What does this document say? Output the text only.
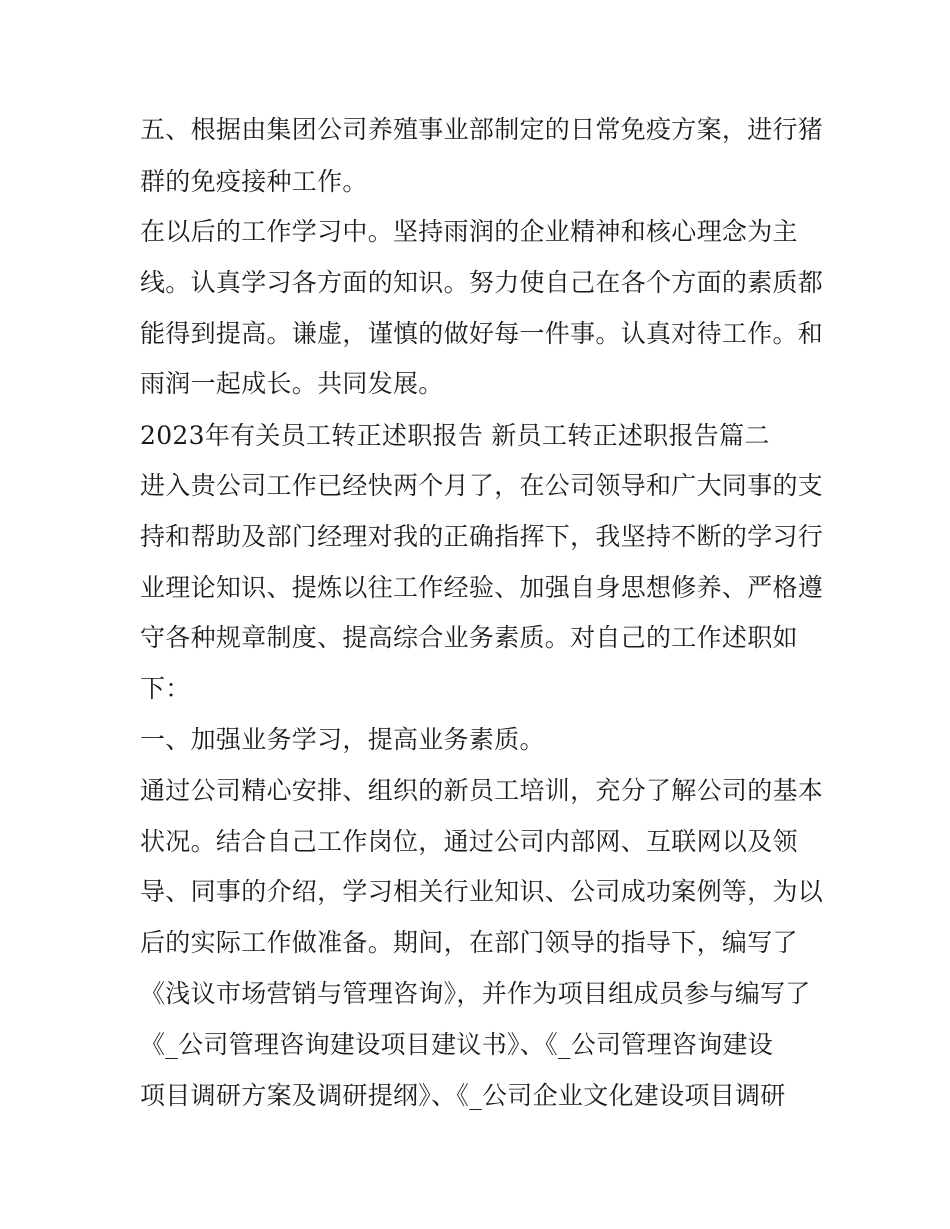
五、根据由集团公司养殖事业部制定的日常免疫方案，进行猪

群的免疫接种工作。

在以后的工作学习中。坚持雨润的企业精神和核心理念为主

线。认真学习各方面的知识。努力使自己在各个方面的素质都

能得到提高。谦虚，谨慎的做好每一件事。认真对待工作。和

雨润一起成长。共同发展。

2023年有关员工转正述职报告 新员工转正述职报告篇二

进入贵公司工作已经快两个月了，在公司领导和广大同事的支

持和帮助及部门经理对我的正确指挥下，我坚持不断的学习行

业理论知识、提炼以往工作经验、加强自身思想修养、严格遵

守各种规章制度、提高综合业务素质。对自己的工作述职如

下：

一、加强业务学习，提高业务素质。

通过公司精心安排、组织的新员工培训，充分了解公司的基本

状况。结合自己工作岗位，通过公司内部网、互联网以及领

导、同事的介绍，学习相关行业知识、公司成功案例等，为以

后的实际工作做准备。期间，在部门领导的指导下，编写了

《浅议市场营销与管理咨询》，并作为项目组成员参与编写了

《_公司管理咨询建设项目建议书》、《_公司管理咨询建设

项目调研方案及调研提纲》、《_公司企业文化建设项目调研
